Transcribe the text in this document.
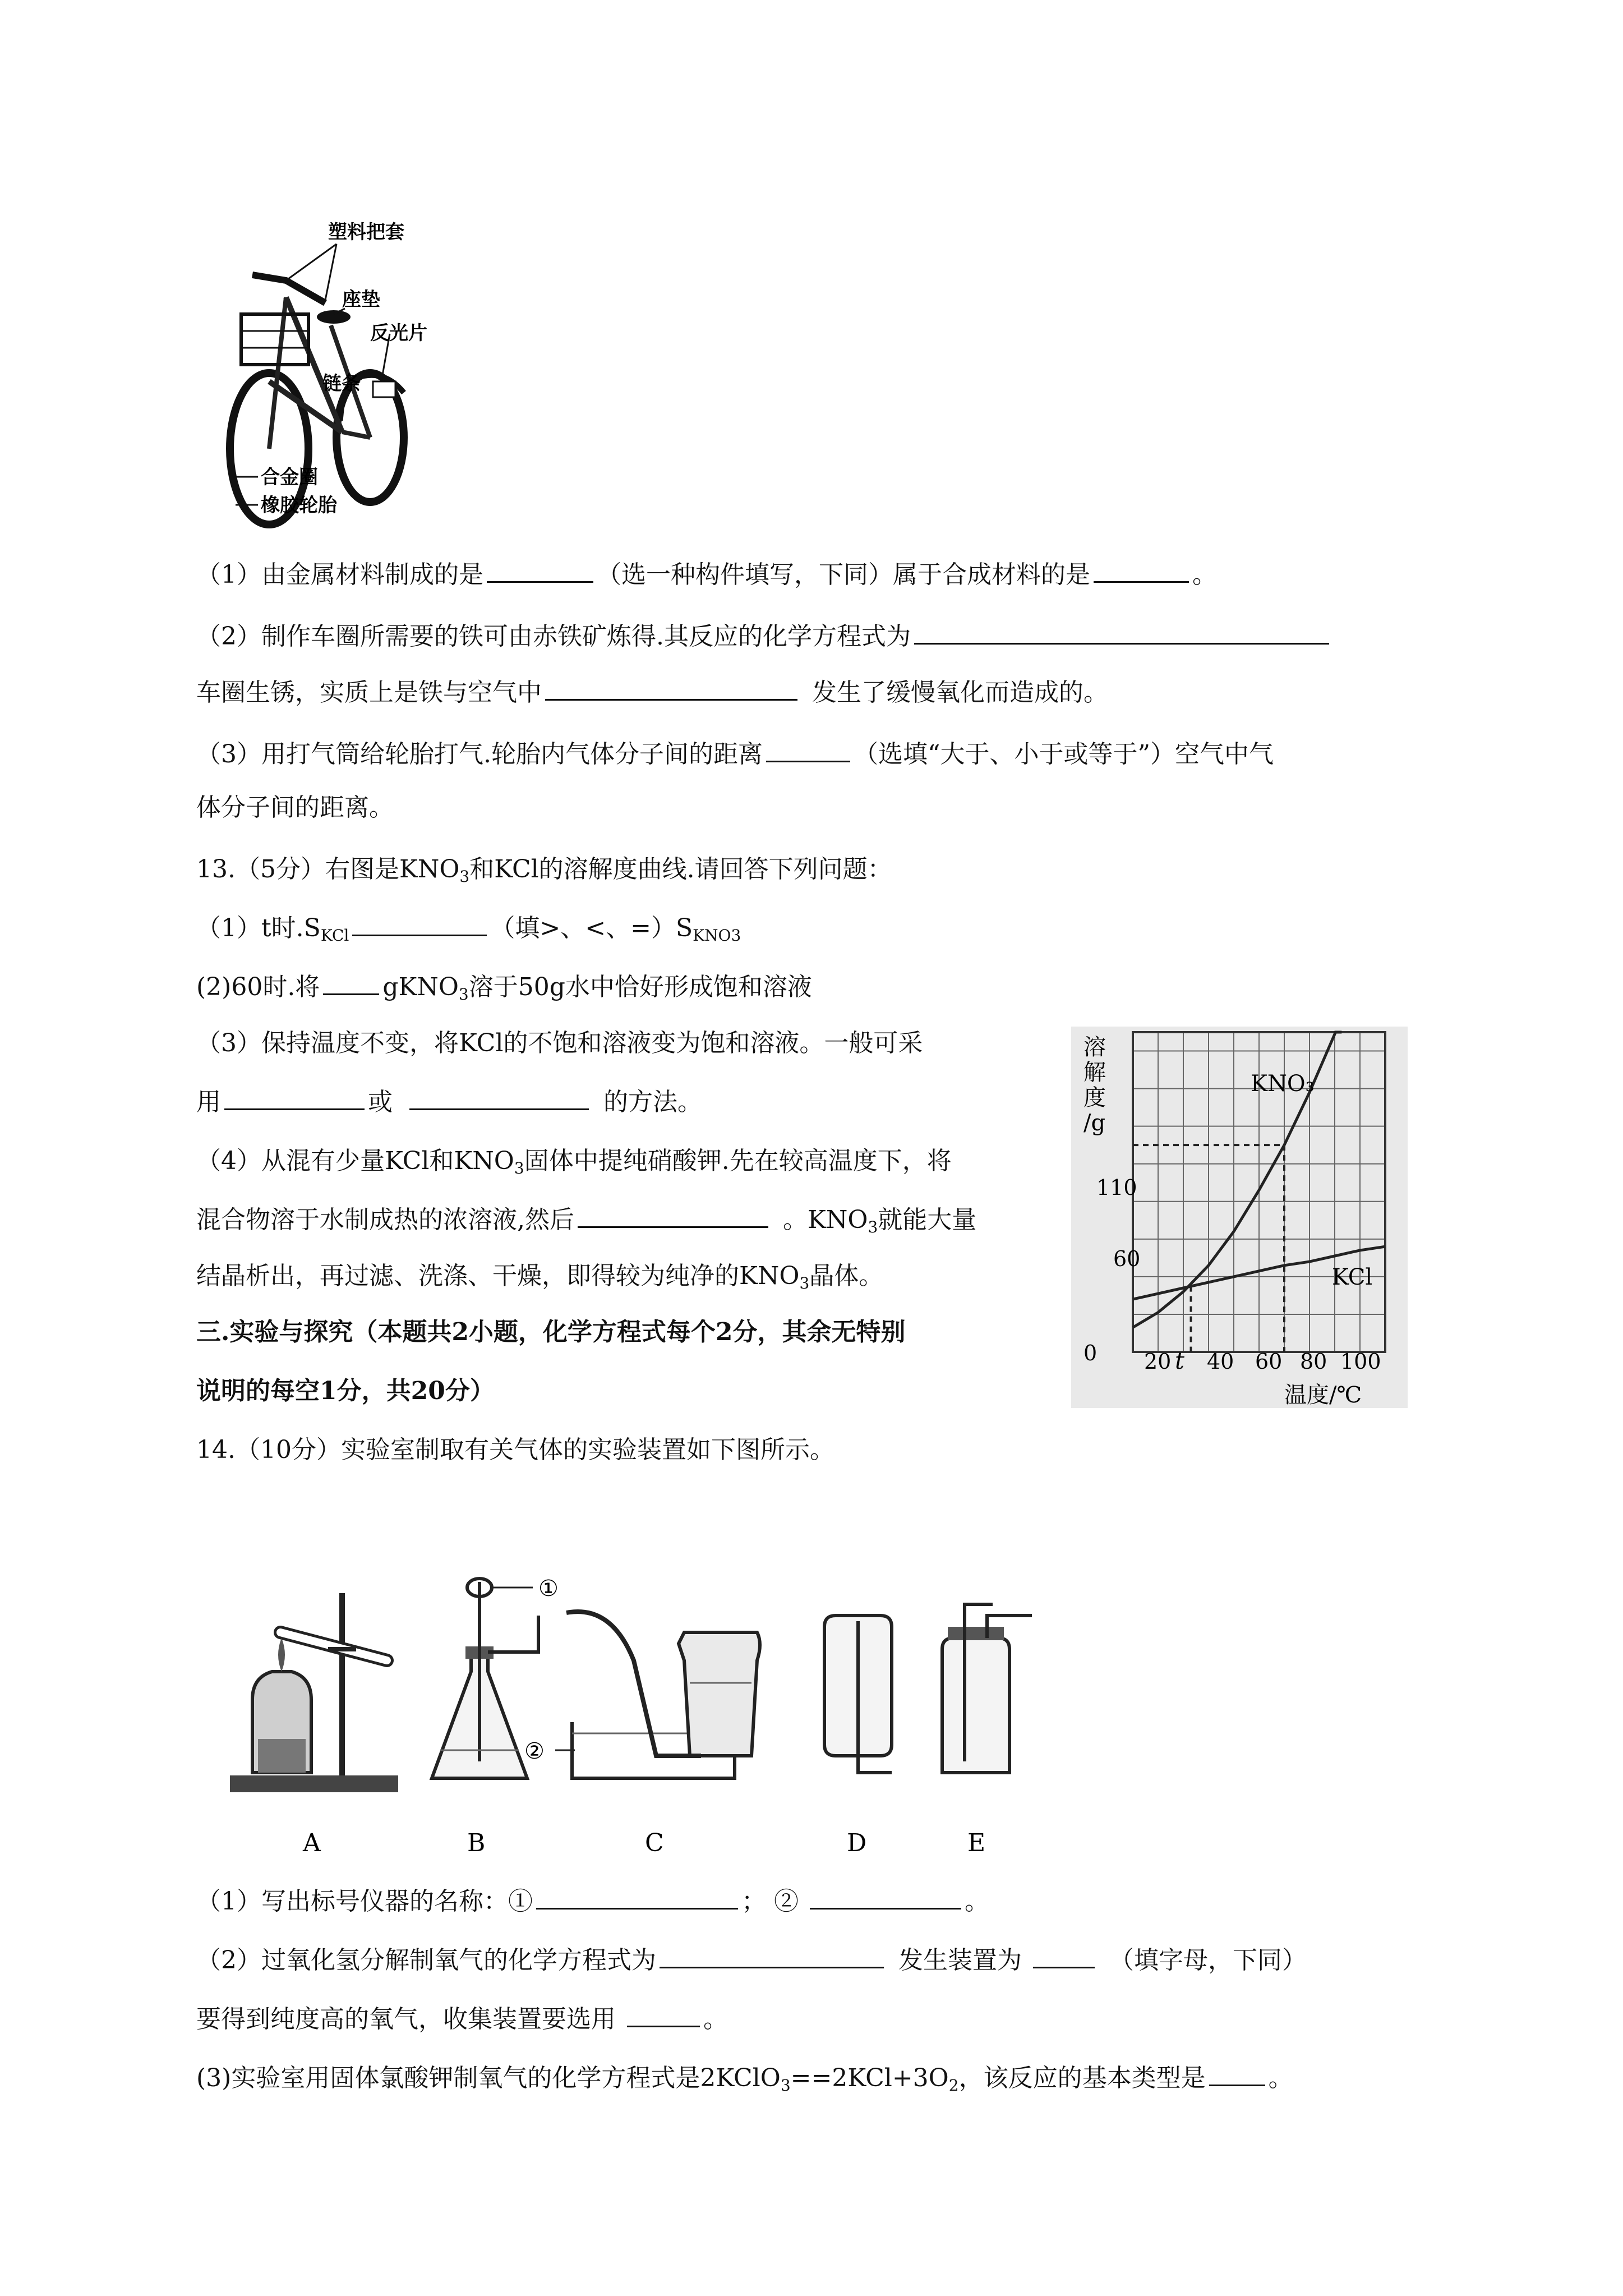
塑料把套
座垫
反光片
链条
合金圈
橡胶轮胎
（1）由金属材料制成的是	（选一种构件填写，下同）属于合成材料的是	。
（2）制作车圈所需要的铁可由赤铁矿炼得.其反应的化学方程式为
车圈生锈，实质上是铁与空气中	发生了缓慢氧化而造成的。
（3）用打气筒给轮胎打气.轮胎内气体分子间的距离	（选填“大于、小于或等于”）空气中气
体分子间的距离。
13.（5分）右图是$KNO_3$和KCl的溶解度曲线.请回答下列问题：
（1）t时$.S_{KCl}$	（填>、<、$=)S_{KNO3}$
(2)60时.将	gKNO$_3$溶于50g水中恰好形成饱和溶液
（3）保持温度不变，将KCl的不饱和溶液变为饱和溶液。一般可采
用	或	的方法。
（4）从混有少量KCl和$KNO_3$固体中提纯硝酸钾.先在较高温度下，将
混合物溶于水制成热的浓溶液,然后	。$KNO_3$就能大量
结晶析出，再过滤、洗涤、干燥，即得较为纯净的$KNO_3$晶体。
溶
解
度
/g
温度/℃
KNO₃
KCl
0
60
110
20 t 40 60 80 100
三.实验与探究（本题共2小题，化学方程式每个2分，其余无特别
说明的每空1分，共20分）
14.（10分）实验室制取有关气体的实验装置如下图所示。
①
B
②
C	D	E
A
（1）写出标号仪器的名称：①	； ②	。
（2）过氧化氢分解制氧气的化学方程式为	发生装置为	（填字母，下同）
要得到纯度高的氧气，收集装置要选用	。
(3)实验室用固体氯酸钾制氧气的化学方程式是$2KClO_3==2KCl+3O_2$，该反应的基本类型是	。
